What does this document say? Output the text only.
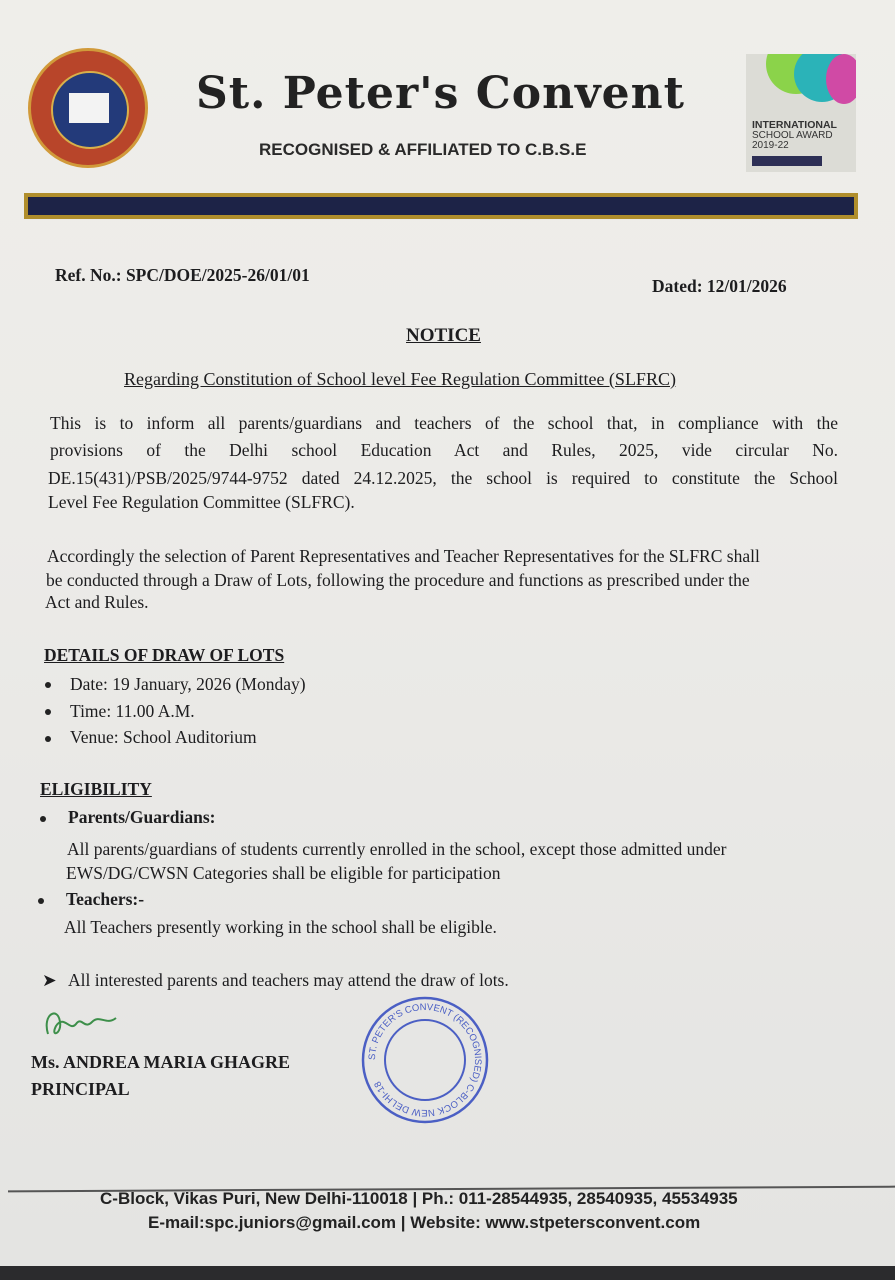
St. Peter's Convent
RECOGNISED & AFFILIATED TO C.B.S.E
INTERNATIONAL
SCHOOL AWARD
2019-22
Ref. No.: SPC/DOE/2025-26/01/01
Dated: 12/01/2026
NOTICE
Regarding Constitution of School level Fee Regulation Committee (SLFRC)
This is to inform all parents/guardians and teachers of the school that, in compliance with the
provisions of the Delhi school Education Act and Rules, 2025, vide circular No.
DE.15(431)/PSB/2025/9744-9752 dated 24.12.2025, the school is required to constitute the School
Level Fee Regulation Committee (SLFRC).
Accordingly the selection of Parent Representatives and Teacher Representatives for the SLFRC shall
be conducted through a Draw of Lots, following the procedure and functions as prescribed under the
Act and Rules.
DETAILS OF DRAW OF LOTS
Date: 19 January, 2026 (Monday)
Time: 11.00 A.M.
Venue: School Auditorium
ELIGIBILITY
Parents/Guardians:
All parents/guardians of students currently enrolled in the school, except those admitted under
EWS/DG/CWSN Categories shall be eligible for participation
Teachers:-
All Teachers presently working in the school shall be eligible.
➤ All interested parents and teachers may attend the draw of lots.
ST. PETER'S CONVENT (RECOGNISED) C-BLOCK NEW DELHI-18
Ms. ANDREA MARIA GHAGRE
PRINCIPAL
C-Block, Vikas Puri, New Delhi-110018 | Ph.: 011-28544935, 28540935, 45534935
E-mail:spc.juniors@gmail.com | Website: www.stpetersconvent.com
